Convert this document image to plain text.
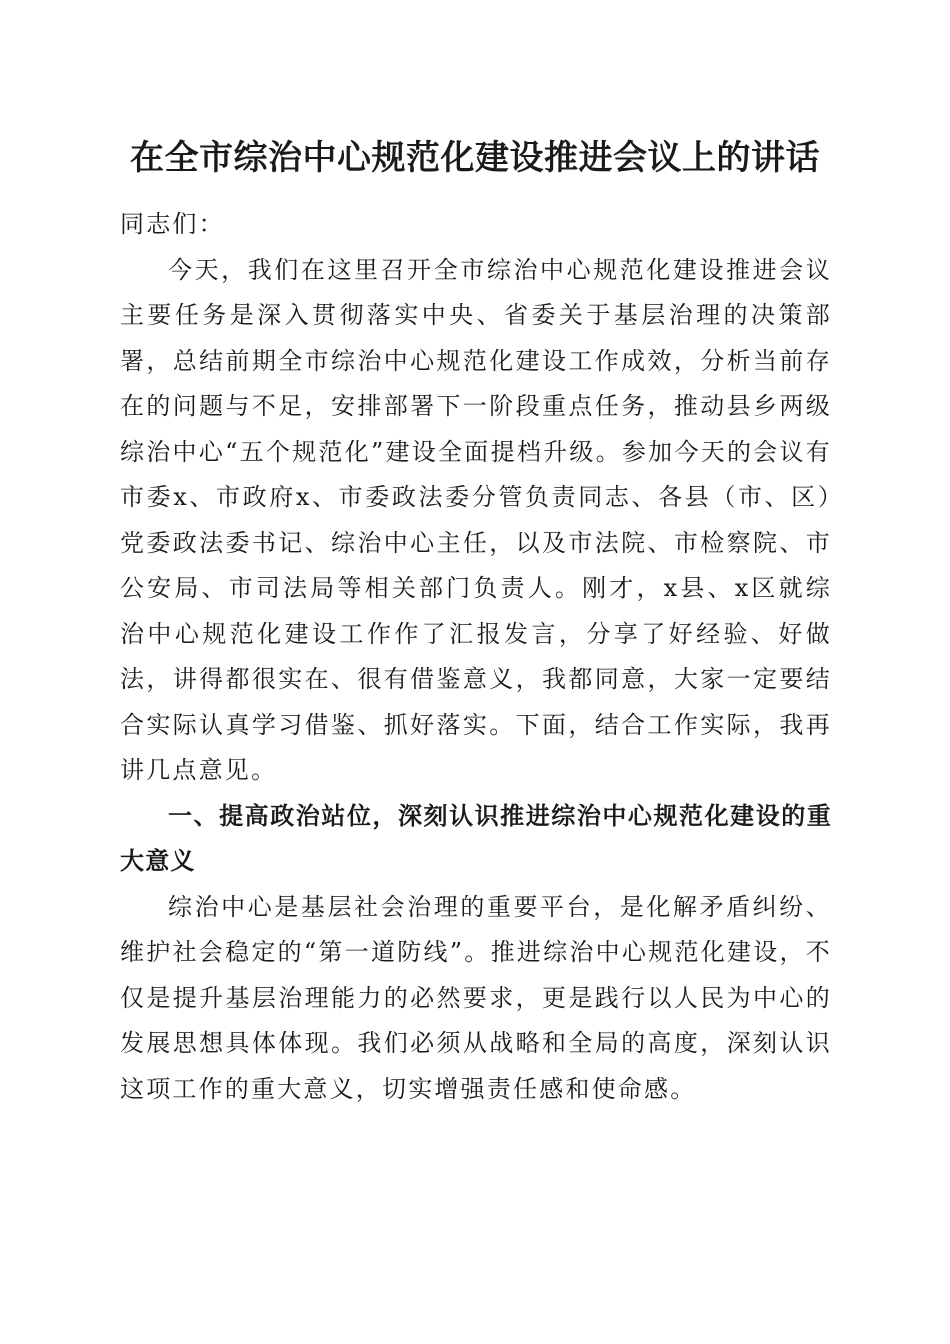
在全市综治中心规范化建设推进会议上的讲话

同志们：

今天，我们在这里召开全市综治中心规范化建设推进会议主要任务是深入贯彻落实中央、省委关于基层治理的决策部署，总结前期全市综治中心规范化建设工作成效，分析当前存在的问题与不足，安排部署下一阶段重点任务，推动县乡两级综治中心“五个规范化”建设全面提档升级。参加今天的会议有市委x、市政府x、市委政法委分管负责同志、各县（市、区）党委政法委书记、综治中心主任，以及市法院、市检察院、市公安局、市司法局等相关部门负责人。刚才，x县、x区就综治中心规范化建设工作作了汇报发言，分享了好经验、好做法，讲得都很实在、很有借鉴意义，我都同意，大家一定要结合实际认真学习借鉴、抓好落实。下面，结合工作实际，我再讲几点意见。

一、提高政治站位，深刻认识推进综治中心规范化建设的重大意义

综治中心是基层社会治理的重要平台，是化解矛盾纠纷、维护社会稳定的“第一道防线”。推进综治中心规范化建设，不仅是提升基层治理能力的必然要求，更是践行以人民为中心的发展思想具体体现。我们必须从战略和全局的高度，深刻认识这项工作的重大意义，切实增强责任感和使命感。
